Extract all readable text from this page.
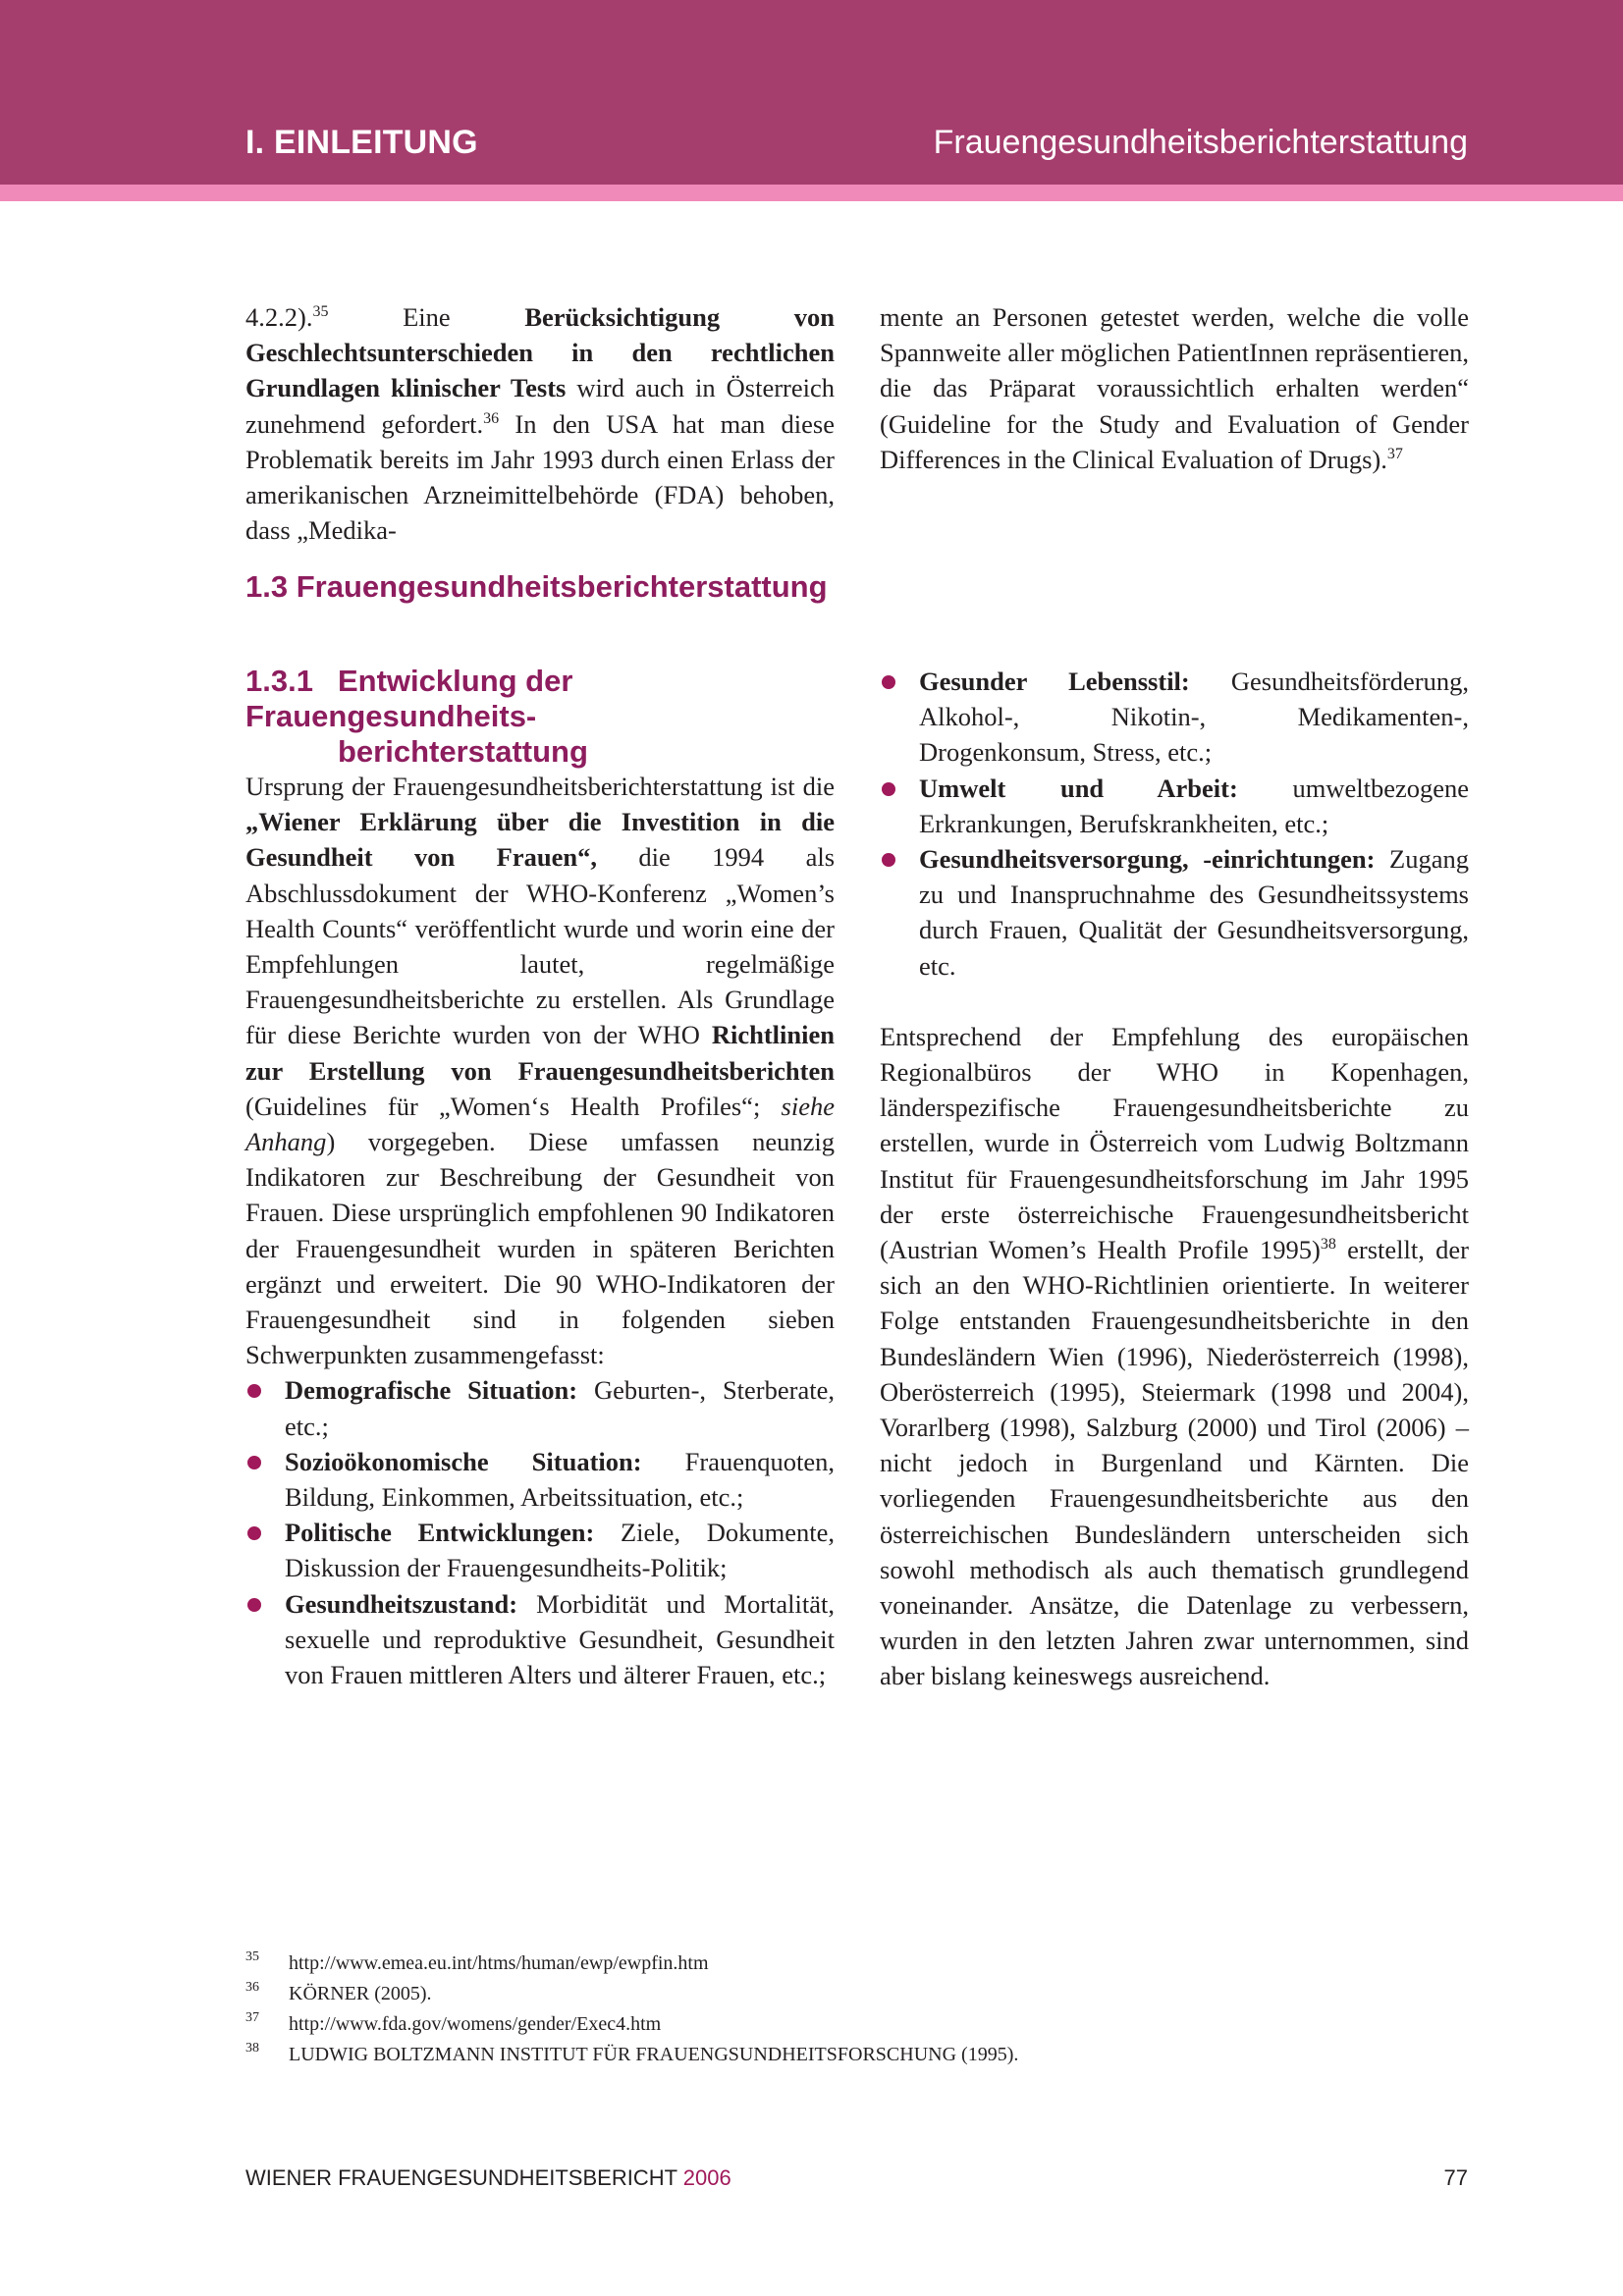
I. EINLEITUNG	Frauengesundheitsberichterstattung

4.2.2).$^{35}$ Eine Berücksichtigung von Geschlechtsunterschieden in den rechtlichen Grundlagen klinischer Tests wird auch in Österreich zunehmend gefordert.$^{36}$ In den USA hat man diese Problematik bereits im Jahr 1993 durch einen Erlass der amerikanischen Arzneimittelbehörde (FDA) behoben, dass „Medika-

mente an Personen getestet werden, welche die volle Spannweite aller möglichen PatientInnen repräsentieren, die das Präparat voraussichtlich erhalten werden“ (Guideline for the Study and Evaluation of Gender Differences in the Clinical Evaluation of Drugs).$^{37}$

1.3 Frauengesundheitsberichterstattung
1.3.1 Entwicklung der Frauengesundheits-
berichterstattung

Ursprung der Frauengesundheitsberichterstattung ist die „Wiener Erklärung über die Investition in die Gesundheit von Frauen“, die 1994 als Abschlussdokument der WHO-Konferenz „Women’s Health Counts“ veröffentlicht wurde und worin eine der Empfehlungen lautet, regelmäßige Frauengesundheitsberichte zu erstellen. Als Grundlage für diese Berichte wurden von der WHO Richtlinien zur Erstellung von Frauengesundheitsberichten (Guidelines für „Women‘s Health Profiles“; siehe Anhang) vorgegeben. Diese umfassen neunzig Indikatoren zur Beschreibung der Gesundheit von Frauen. Diese ursprünglich empfohlenen 90 Indikatoren der Frauengesundheit wurden in späteren Berichten ergänzt und erweitert. Die 90 WHO-Indikatoren der Frauengesundheit sind in folgenden sieben Schwerpunkten zusammengefasst:

Demografische Situation: Geburten-, Sterberate, etc.;
Sozioökonomische Situation: Frauenquoten, Bildung, Einkommen, Arbeitssituation, etc.;
Politische Entwicklungen: Ziele, Dokumente, Diskussion der Frauengesundheits-Politik;
Gesundheitszustand: Morbidität und Mortalität, sexuelle und reproduktive Gesundheit, Gesundheit von Frauen mittleren Alters und älterer Frauen, etc.;
Gesunder Lebensstil: Gesundheitsförderung, Alkohol-, Nikotin-, Medikamenten-, Drogenkonsum, Stress, etc.;
Umwelt und Arbeit: umweltbezogene Erkrankungen, Berufskrankheiten, etc.;
Gesundheitsversorgung, -einrichtungen: Zugang zu und Inanspruchnahme des Gesundheitssystems durch Frauen, Qualität der Gesundheitsversorgung, etc.

Entsprechend der Empfehlung des europäischen Regionalbüros der WHO in Kopenhagen, länderspezifische Frauengesundheitsberichte zu erstellen, wurde in Österreich vom Ludwig Boltzmann Institut für Frauengesundheitsforschung im Jahr 1995 der erste österreichische Frauengesundheitsbericht (Austrian Women’s Health Profile 1995)$^{38}$ erstellt, der sich an den WHO-Richtlinien orientierte. In weiterer Folge entstanden Frauengesundheitsberichte in den Bundesländern Wien (1996), Niederösterreich (1998), Oberösterreich (1995), Steiermark (1998 und 2004), Vorarlberg (1998), Salzburg (2000) und Tirol (2006) – nicht jedoch in Burgenland und Kärnten. Die vorliegenden Frauengesundheitsberichte aus den österreichischen Bundesländern unterscheiden sich sowohl methodisch als auch thematisch grundlegend voneinander. Ansätze, die Datenlage zu verbessern, wurden in den letzten Jahren zwar unternommen, sind aber bislang keineswegs ausreichend.

35 http://www.emea.eu.int/htms/human/ewp/ewpfin.htm
36 KÖRNER (2005).
37 http://www.fda.gov/womens/gender/Exec4.htm
38 LUDWIG BOLTZMANN INSTITUT FÜR FRAUENGSUNDHEITSFORSCHUNG (1995).
WIENER FRAUENGESUNDHEITSBERICHT 2006	77
